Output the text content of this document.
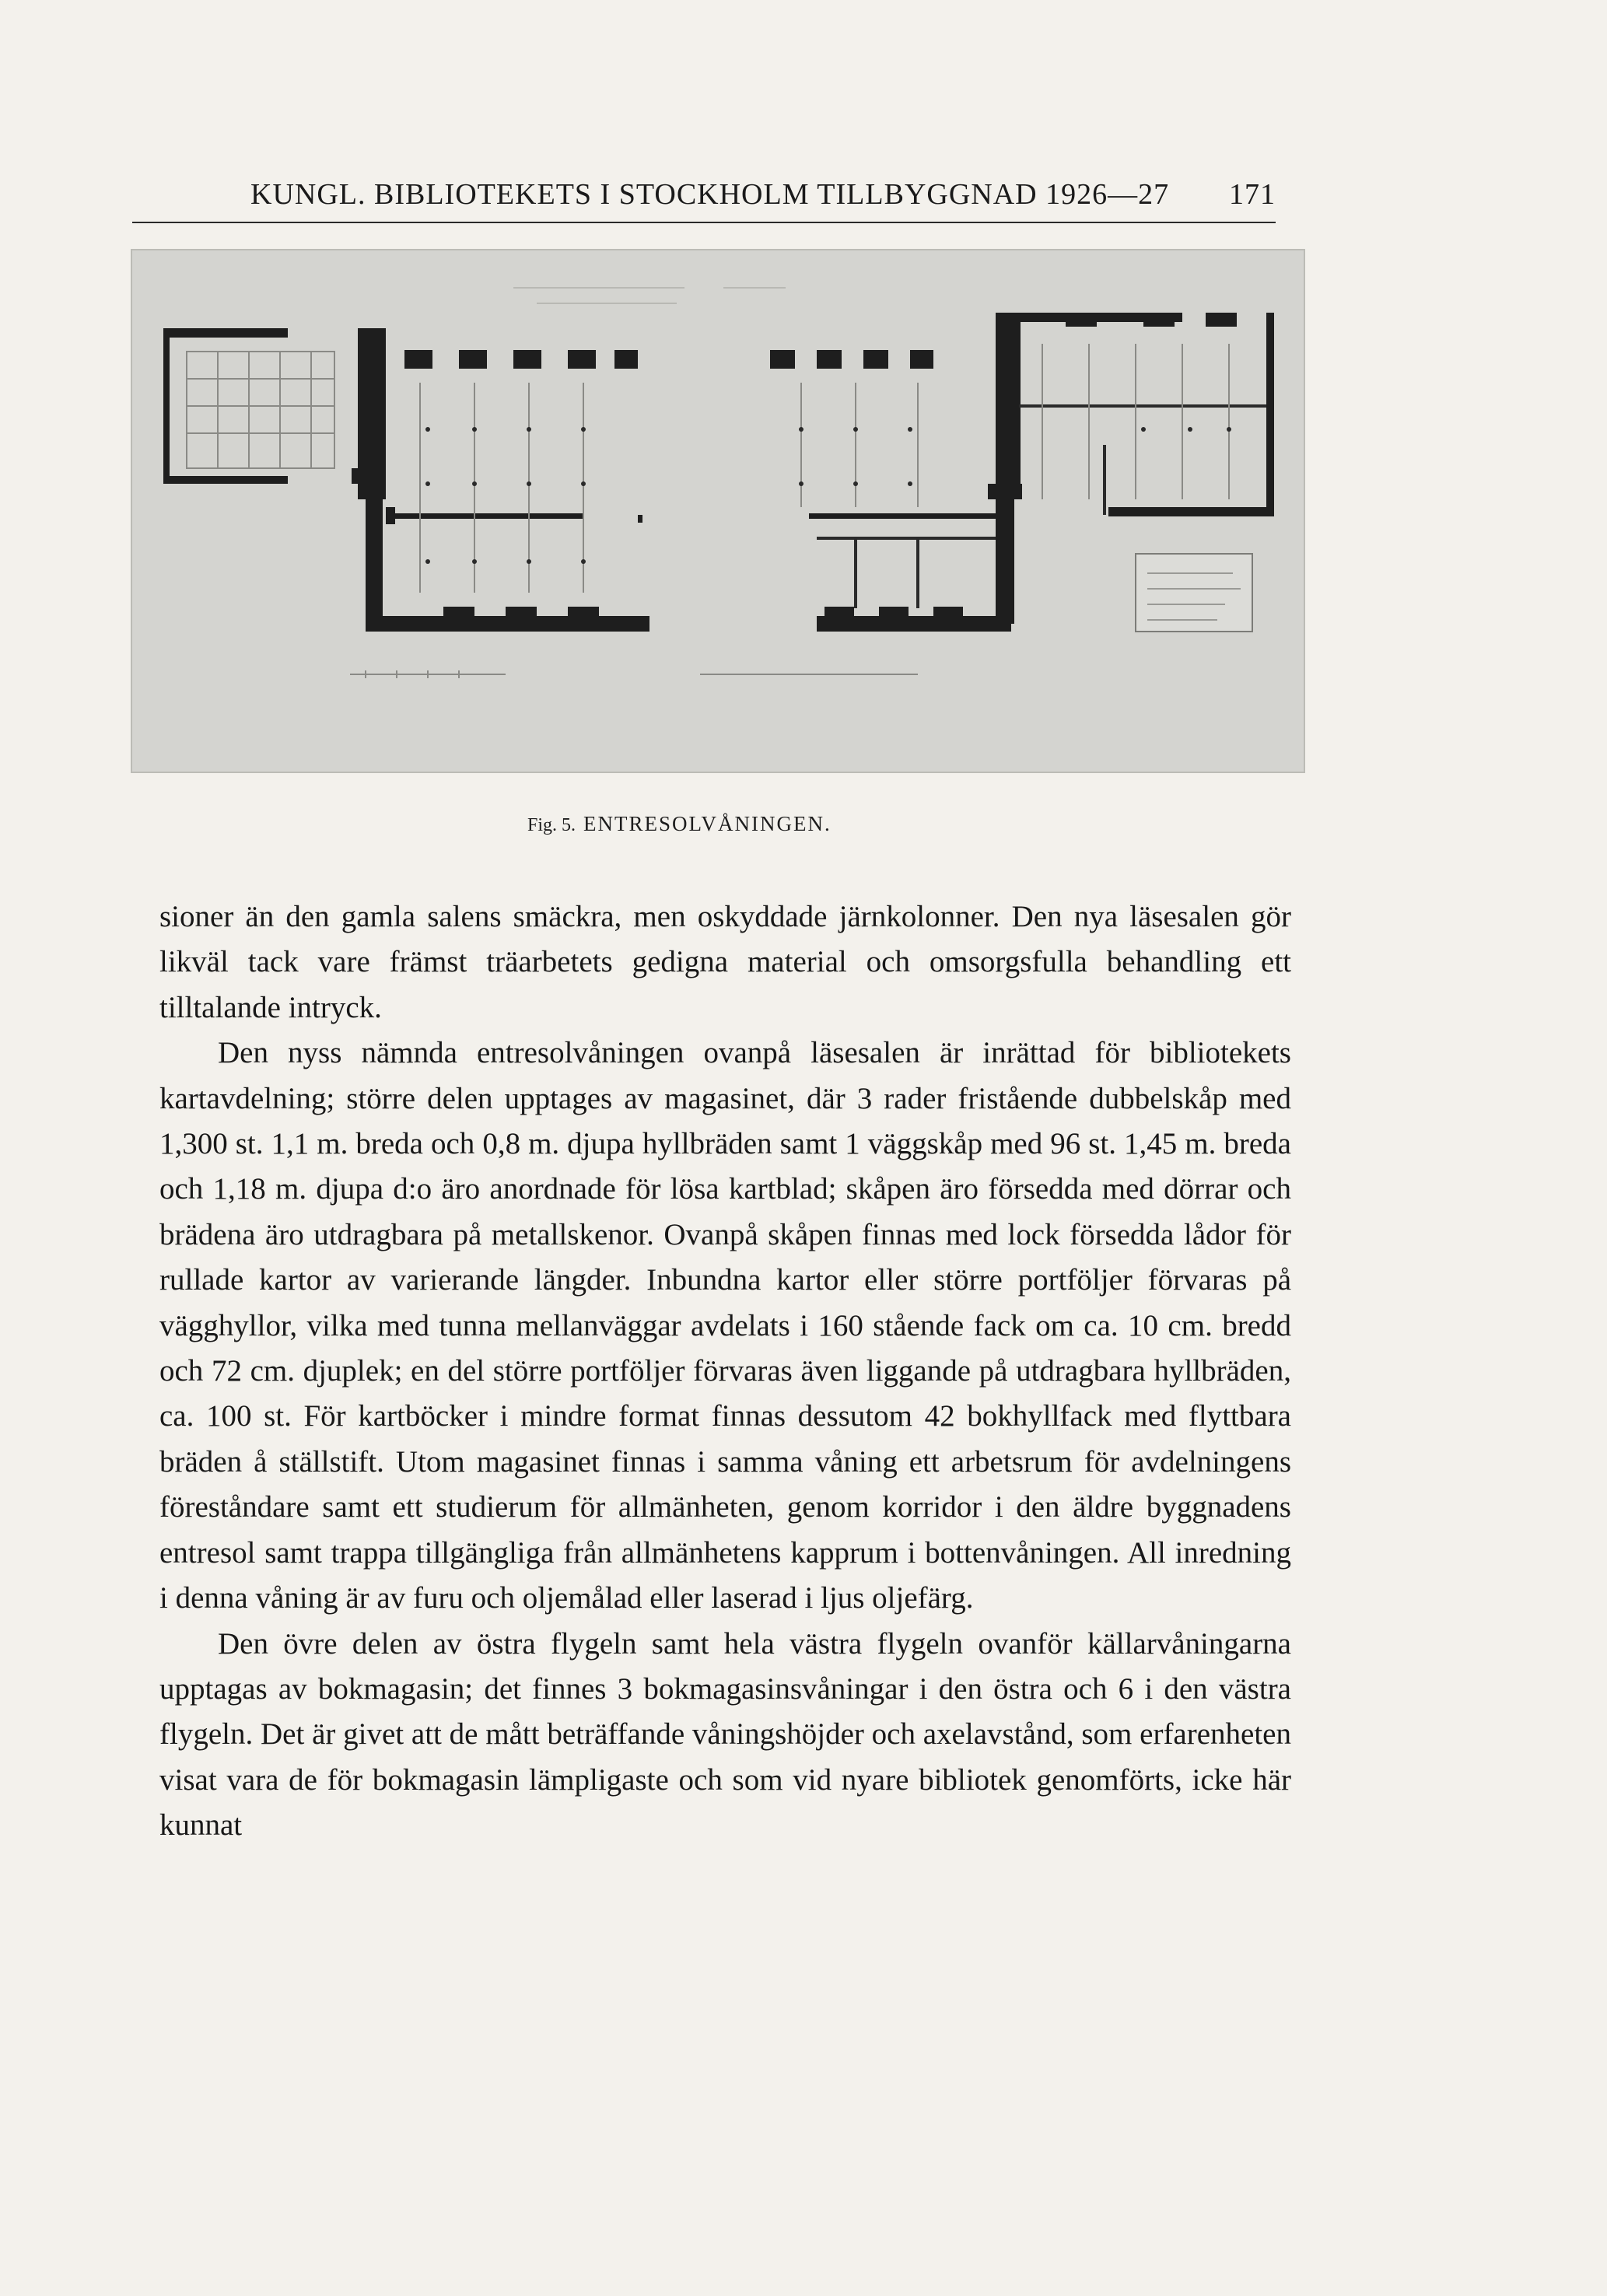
KUNGL. BIBLIOTEKETS I STOCKHOLM TILLBYGGNAD 1926—27 171
Fig. 5. ENTRESOLVÅNINGEN.

sioner än den gamla salens smäckra, men oskyddade järnkolonner. Den nya läsesalen gör likväl tack vare främst träarbetets gedigna material och omsorgsfulla behandling ett tilltalande intryck.

Den nyss nämnda entresolvåningen ovanpå läsesalen är inrättad för bibliotekets kartavdelning; större delen upptages av magasinet, där 3 rader fristående dubbelskåp med 1,300 st. 1,1 m. breda och 0,8 m. djupa hyllbräden samt 1 väggskåp med 96 st. 1,45 m. breda och 1,18 m. djupa d:o äro anordnade för lösa kartblad; skåpen äro försedda med dörrar och brädena äro utdragbara på metallskenor. Ovanpå skåpen finnas med lock försedda lådor för rullade kartor av varierande längder. Inbundna kartor eller större portföljer förvaras på vägghyllor, vilka med tunna mellanväggar avdelats i 160 stående fack om ca. 10 cm. bredd och 72 cm. djuplek; en del större portföljer förvaras även liggande på utdragbara hyllbräden, ca. 100 st. För kartböcker i mindre format finnas dessutom 42 bokhyllfack med flyttbara bräden å ställstift. Utom magasinet finnas i samma våning ett arbetsrum för avdelningens föreståndare samt ett studierum för allmänheten, genom korridor i den äldre byggnadens entresol samt trappa tillgängliga från allmänhetens kapprum i bottenvåningen. All inredning i denna våning är av furu och oljemålad eller laserad i ljus oljefärg.

Den övre delen av östra flygeln samt hela västra flygeln ovanför källarvåningarna upptagas av bokmagasin; det finnes 3 bokmagasinsvåningar i den östra och 6 i den västra flygeln. Det är givet att de mått beträffande våningshöjder och axelavstånd, som erfarenheten visat vara de för bokmagasin lämpligaste och som vid nyare bibliotek genomförts, icke här kunnat
